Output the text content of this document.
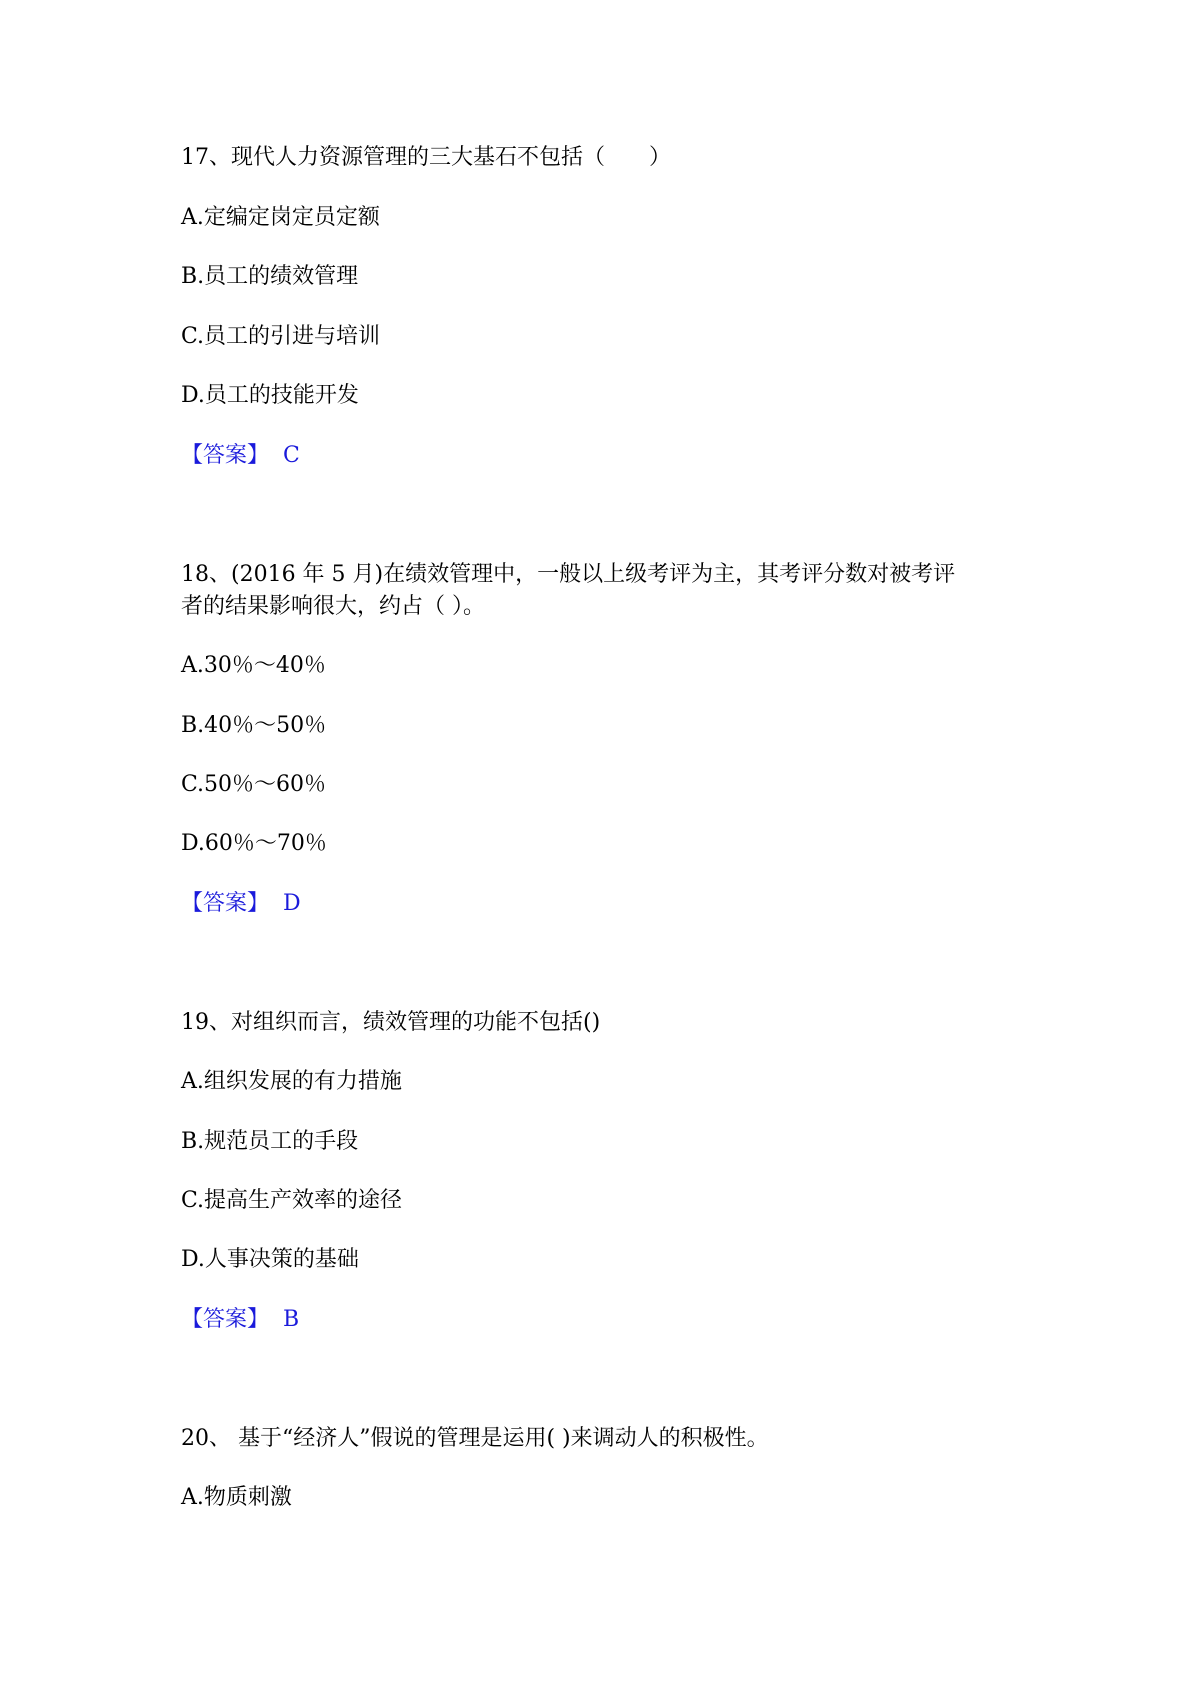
17、现代人力资源管理的三大基石不包括（　　）
A.定编定岗定员定额
B.员工的绩效管理
C.员工的引进与培训
D.员工的技能开发
【答案】 C
18、(2016 年 5 月)在绩效管理中，一般以上级考评为主，其考评分数对被考评
者的结果影响很大，约占（ ）。
A.30％～40％
B.40％～50％
C.50％～60％
D.60％～70％
【答案】 D
19、对组织而言，绩效管理的功能不包括()
A.组织发展的有力措施
B.规范员工的手段
C.提高生产效率的途径
D.人事决策的基础
【答案】 B
20、 基于“经济人”假说的管理是运用( )来调动人的积极性。
A.物质刺激
